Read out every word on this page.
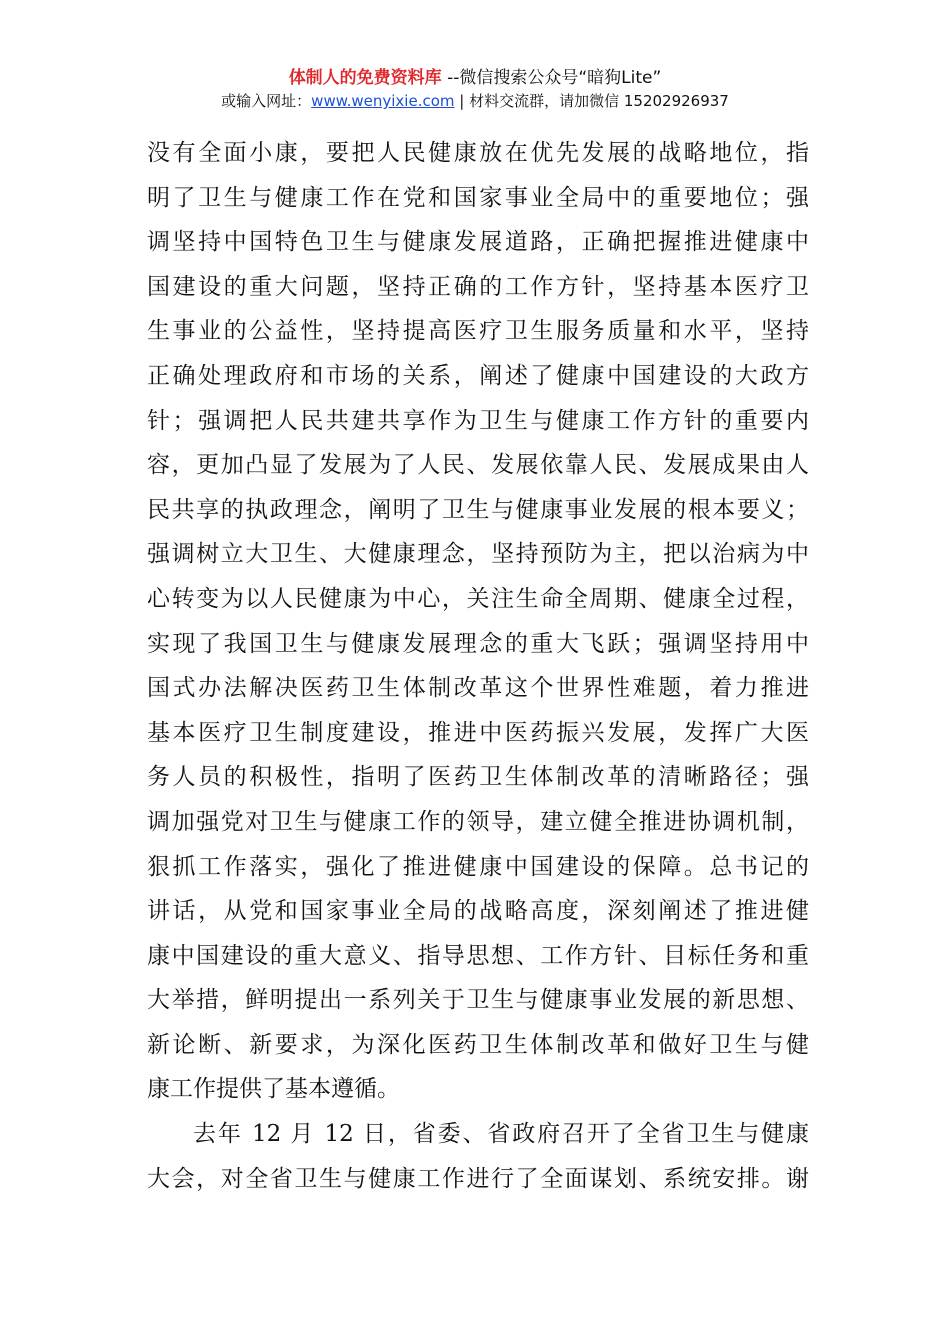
体制人的免费资料库 --微信搜索公众号“暗狗Lite”
或输入网址：www.wenyixie.com | 材料交流群，请加微信 15202926937
没有全面小康，要把人民健康放在优先发展的战略地位，指
明了卫生与健康工作在党和国家事业全局中的重要地位；强
调坚持中国特色卫生与健康发展道路，正确把握推进健康中
国建设的重大问题，坚持正确的工作方针，坚持基本医疗卫
生事业的公益性，坚持提高医疗卫生服务质量和水平，坚持
正确处理政府和市场的关系，阐述了健康中国建设的大政方
针；强调把人民共建共享作为卫生与健康工作方针的重要内
容，更加凸显了发展为了人民、发展依靠人民、发展成果由人
民共享的执政理念，阐明了卫生与健康事业发展的根本要义；
强调树立大卫生、大健康理念，坚持预防为主，把以治病为中
心转变为以人民健康为中心，关注生命全周期、健康全过程，
实现了我国卫生与健康发展理念的重大飞跃；强调坚持用中
国式办法解决医药卫生体制改革这个世界性难题，着力推进
基本医疗卫生制度建设，推进中医药振兴发展，发挥广大医
务人员的积极性，指明了医药卫生体制改革的清晰路径；强
调加强党对卫生与健康工作的领导，建立健全推进协调机制，
狠抓工作落实，强化了推进健康中国建设的保障。总书记的
讲话，从党和国家事业全局的战略高度，深刻阐述了推进健
康中国建设的重大意义、指导思想、工作方针、目标任务和重
大举措，鲜明提出一系列关于卫生与健康事业发展的新思想、
新论断、新要求，为深化医药卫生体制改革和做好卫生与健
康工作提供了基本遵循。
去年 12 月 12 日，省委、省政府召开了全省卫生与健康
大会，对全省卫生与健康工作进行了全面谋划、系统安排。谢
